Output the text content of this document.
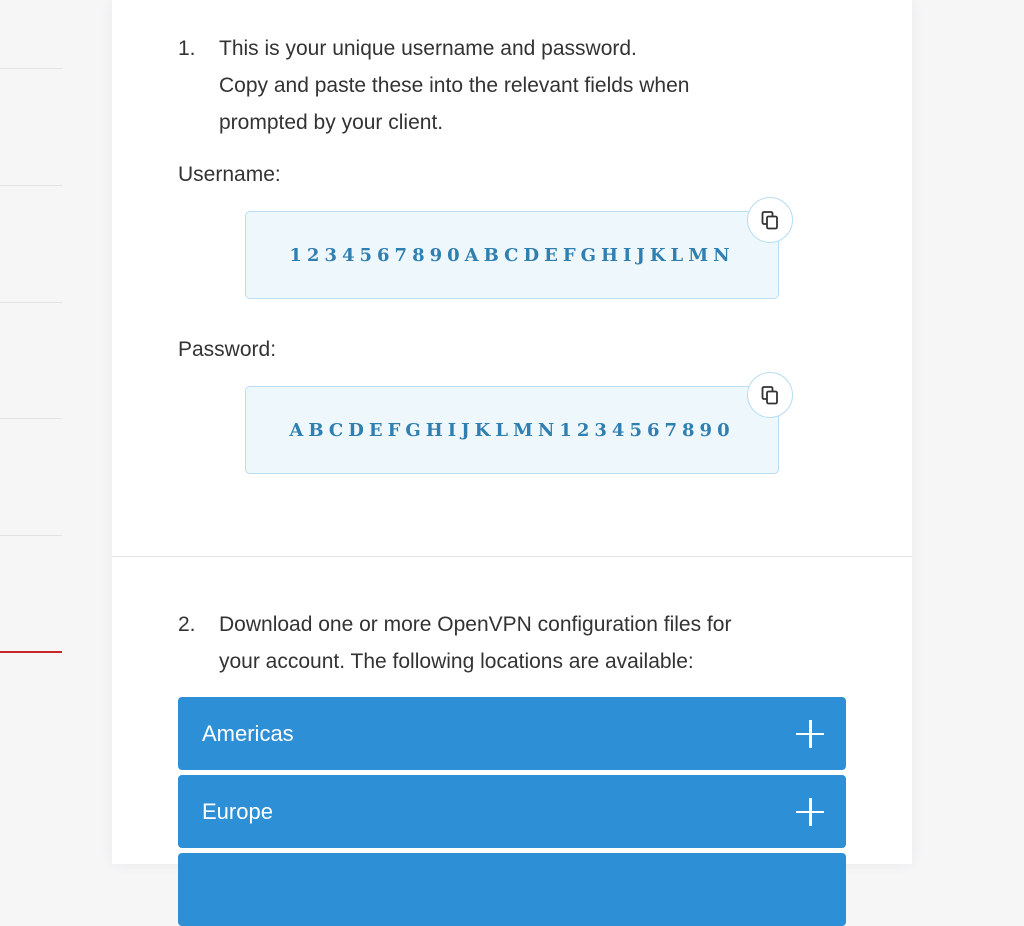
1. This is your unique username and password.
Copy and paste these into the relevant fields when
prompted by your client.
Username:
1234567890ABCDEFGHIJKLMN
Password:
ABCDEFGHIJKLMN1234567890
2. Download one or more OpenVPN configuration files for
your account. The following locations are available:
Americas
Europe
